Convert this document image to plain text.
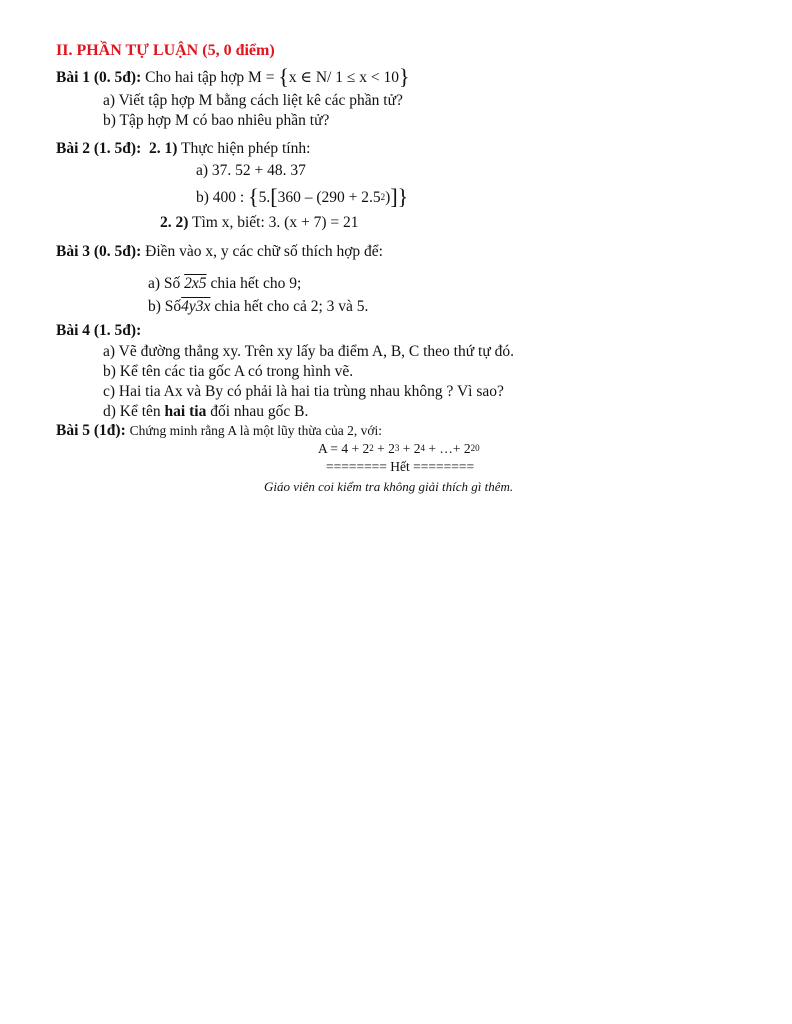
II. PHẦN TỰ LUẬN (5, 0 điểm)
Bài 1 (0. 5đ): Cho hai tập hợp M = {x ∈ N/ 1 ≤ x < 10}
a) Viết tập hợp M bằng cách liệt kê các phần tử?
b) Tập hợp M có bao nhiêu phần tử?
Bài 2 (1. 5đ): 2. 1) Thực hiện phép tính:
a) 37. 52 + 48. 37
b) 400 : $\{5.[360 - (290 + 2.5^2)]\}$
2. 2) Tìm x, biết: 3. (x + 7) = 21
Bài 3 (0. 5đ): Điền vào x, y các chữ số thích hợp để:
a) Số 2x5 chia hết cho 9;
b) Số4y3x chia hết cho cả 2; 3 và 5.
Bài 4 (1. 5đ):
a) Vẽ đường thẳng xy. Trên xy lấy ba điểm A, B, C theo thứ tự đó.
b) Kể tên các tia gốc A có trong hình vẽ.
c) Hai tia Ax và By có phải là hai tia trùng nhau không ? Vì sao?
d) Kể tên hai tia đối nhau gốc B.
Bài 5 (1đ): Chứng minh rằng A là một lũy thừa của 2, với:
$A = 4 + 2^2 + 2^3 + 2^4$ + …+ $2^{20}$
======== Hết ========
Giáo viên coi kiểm tra không giải thích gì thêm.
